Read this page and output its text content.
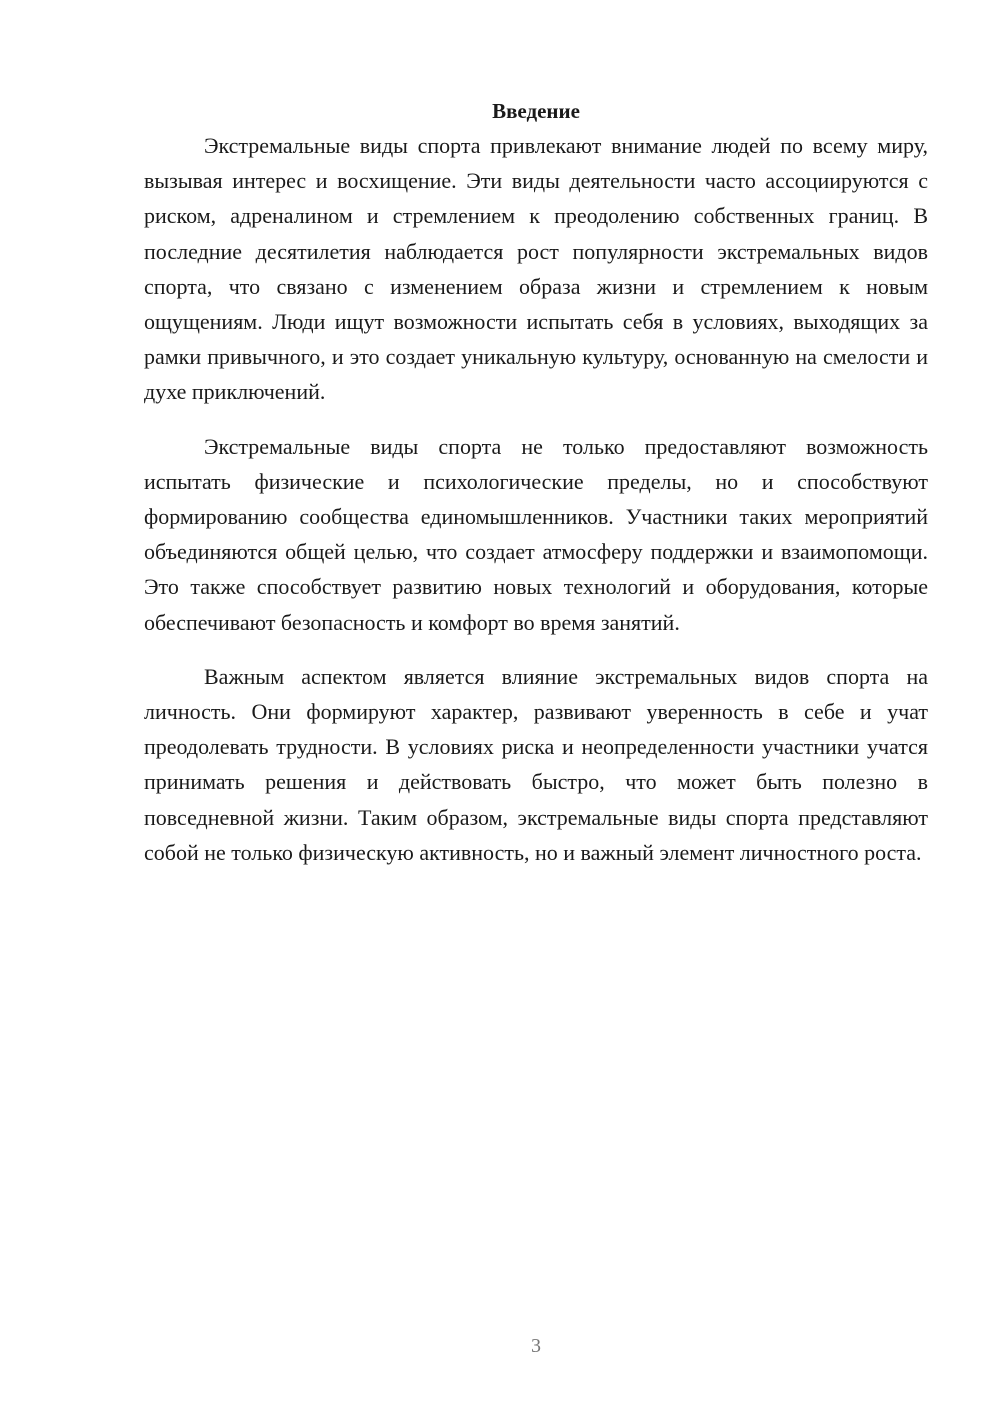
Введение

Экстремальные виды спорта привлекают внимание людей по всему миру, вызывая интерес и восхищение. Эти виды деятельности часто ассоциируются с риском, адреналином и стремлением к преодолению собственных границ. В последние десятилетия наблюдается рост популярности экстремальных видов спорта, что связано с изменением образа жизни и стремлением к новым ощущениям. Люди ищут возможности испытать себя в условиях, выходящих за рамки привычного, и это создает уникальную культуру, основанную на смелости и духе приключений.

Экстремальные виды спорта не только предоставляют возможность испытать физические и психологические пределы, но и способствуют формированию сообщества единомышленников. Участники таких мероприятий объединяются общей целью, что создает атмосферу поддержки и взаимопомощи. Это также способствует развитию новых технологий и оборудования, которые обеспечивают безопасность и комфорт во время занятий.

Важным аспектом является влияние экстремальных видов спорта на личность. Они формируют характер, развивают уверенность в себе и учат преодолевать трудности. В условиях риска и неопределенности участники учатся принимать решения и действовать быстро, что может быть полезно в повседневной жизни. Таким образом, экстремальные виды спорта представляют собой не только физическую активность, но и важный элемент личностного роста.

3
